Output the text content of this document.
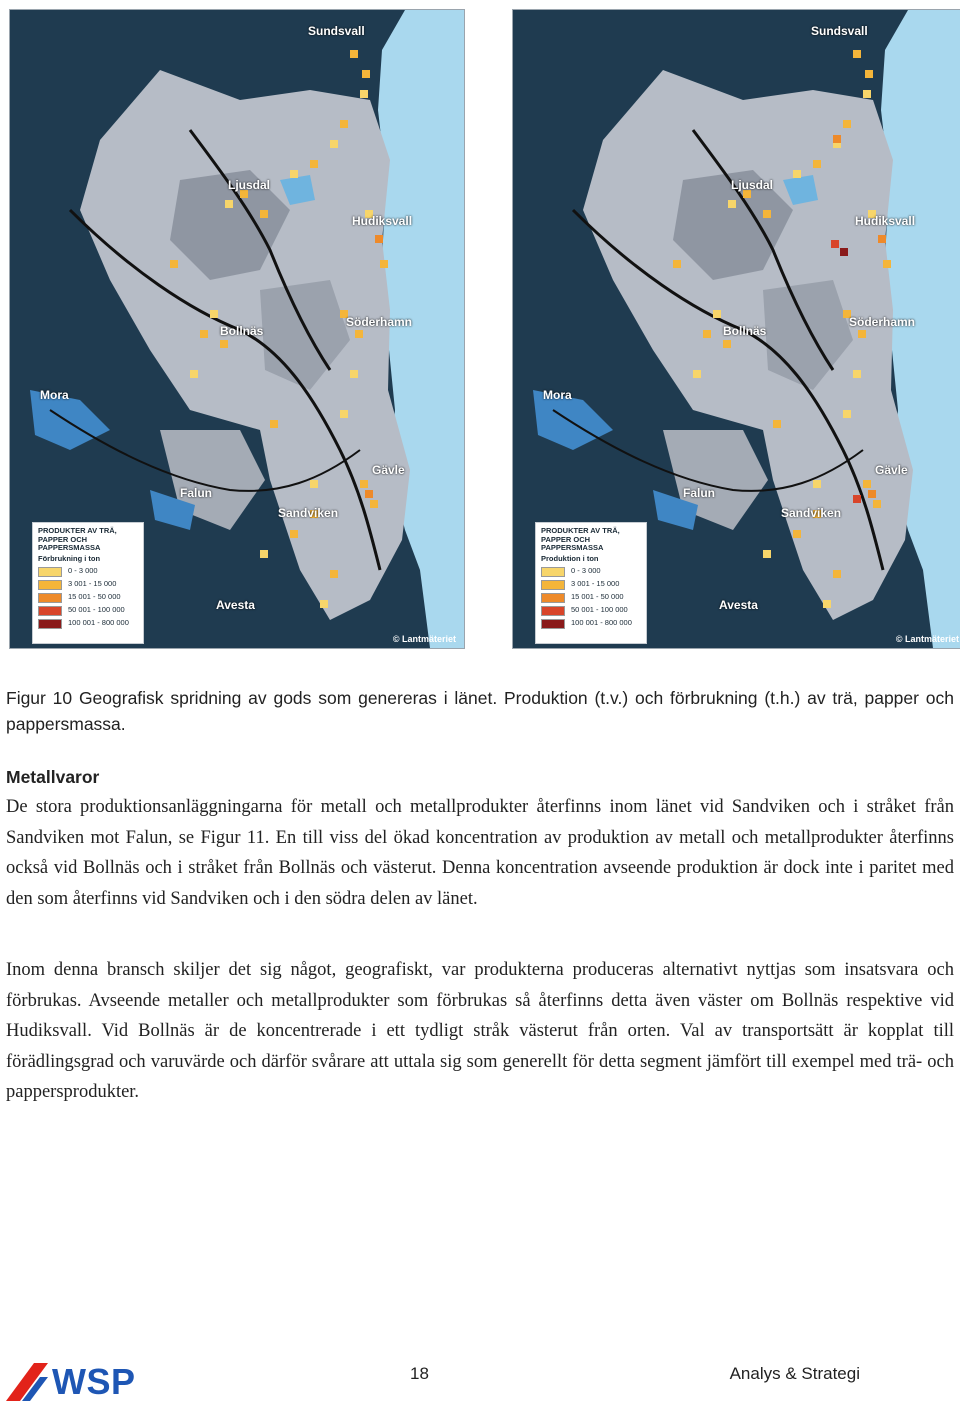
Sundsvall
Ljusdal
Hudiksvall
Bollnäs
Söderhamn
Mora
Gävle
Falun
Sandviken
Avesta
© Lantmäteriet
PRODUKTER AV TRÄ, PAPPER OCH PAPPERSMASSA
Förbrukning i ton
0 - 3 000
3 001 - 15 000
15 001 - 50 000
50 001 - 100 000
100 001 - 800 000
Sundsvall
Ljusdal
Hudiksvall
Bollnäs
Söderhamn
Mora
Gävle
Falun
Sandviken
Avesta
© Lantmäteriet
PRODUKTER AV TRÄ, PAPPER OCH PAPPERSMASSA
Produktion i ton
0 - 3 000
3 001 - 15 000
15 001 - 50 000
50 001 - 100 000
100 001 - 800 000
Figur 10 Geografisk spridning av gods som genereras i länet. Produktion (t.v.) och förbrukning (t.h.) av trä, papper och pappersmassa.
Metallvaror
De stora produktionsanläggningarna för metall och metallprodukter återfinns inom länet vid Sandviken och i stråket från Sandviken mot Falun, se Figur 11. En till viss del ökad koncentration av produktion av metall och metallprodukter återfinns också vid Bollnäs och i stråket från Bollnäs och västerut. Denna koncentration avseende produktion är dock inte i paritet med den som återfinns vid Sandviken och i den södra delen av länet.
Inom denna bransch skiljer det sig något, geografiskt, var produkterna produceras alternativt nyttjas som insatsvara och förbrukas. Avseende metaller och metallprodukter som förbrukas så återfinns detta även väster om Bollnäs respektive vid Hudiksvall. Vid Bollnäs är de koncentrerade i ett tydligt stråk västerut från orten. Val av transportsätt är kopplat till förädlingsgrad och varuvärde och därför svårare att uttala sig som generellt för detta segment jämfört till exempel med trä- och pappersprodukter.
WSP	18	Analys & Strategi
